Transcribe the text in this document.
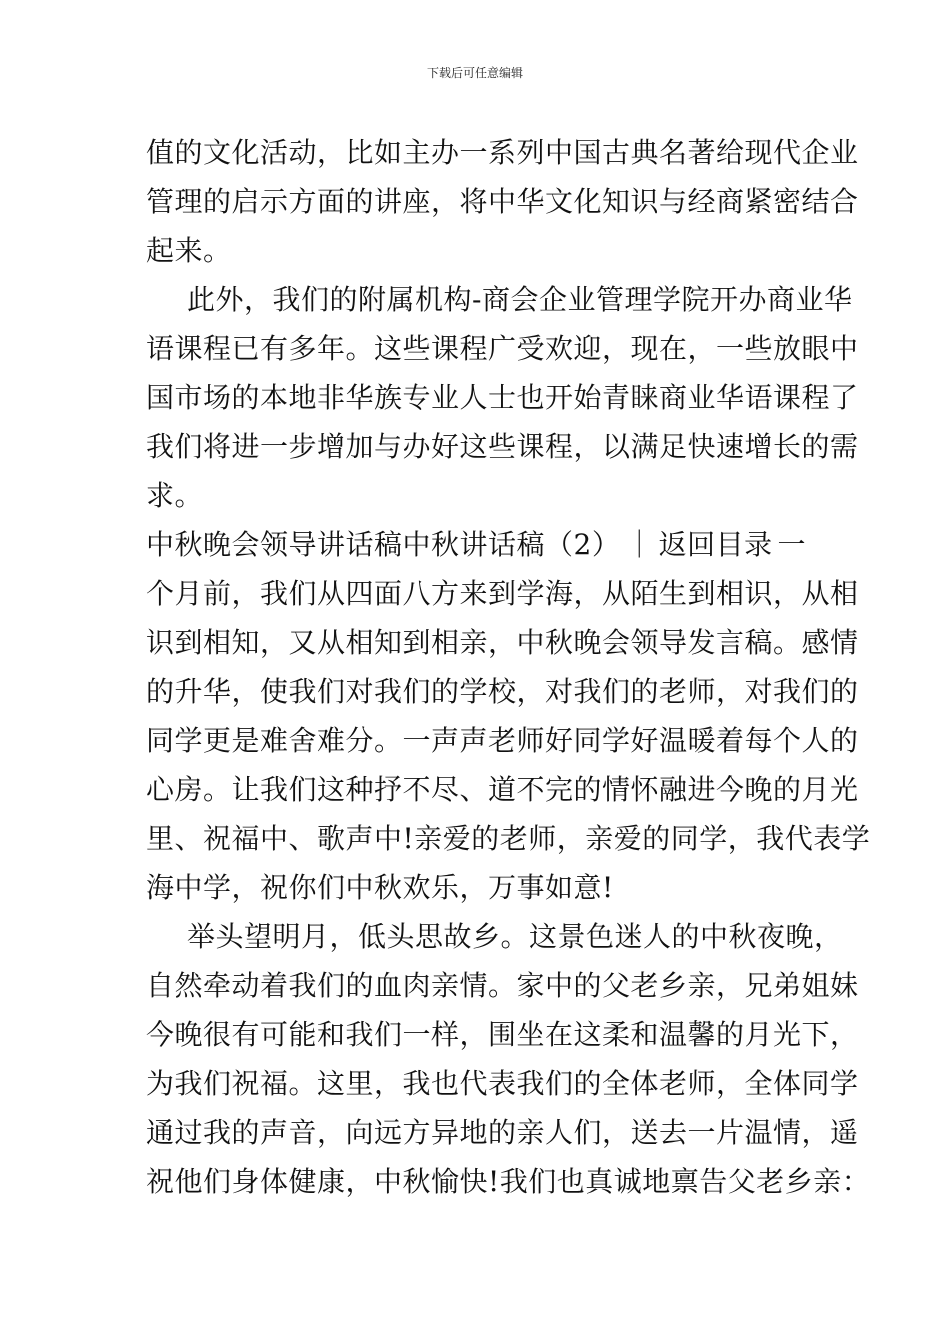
下载后可任意编辑
值的文化活动，比如主办一系列中国古典名著给现代企业
管理的启示方面的讲座，将中华文化知识与经商紧密结合
起来。
此外，我们的附属机构-商会企业管理学院开办商业华
语课程已有多年。这些课程广受欢迎，现在，一些放眼中
国市场的本地非华族专业人士也开始青睐商业华语课程了
我们将进一步增加与办好这些课程，以满足快速增长的需
求。
中秋晚会领导讲话稿中秋讲话稿（2） ｜ 返回目录 一
个月前，我们从四面八方来到学海，从陌生到相识，从相
识到相知，又从相知到相亲，中秋晚会领导发言稿。感情
的升华，使我们对我们的学校，对我们的老师，对我们的
同学更是难舍难分。一声声老师好同学好温暖着每个人的
心房。让我们这种抒不尽、道不完的情怀融进今晚的月光
里、祝福中、歌声中!亲爱的老师，亲爱的同学，我代表学
海中学，祝你们中秋欢乐，万事如意!
举头望明月，低头思故乡。这景色迷人的中秋夜晚，
自然牵动着我们的血肉亲情。家中的父老乡亲，兄弟姐妹
今晚很有可能和我们一样，围坐在这柔和温馨的月光下，
为我们祝福。这里，我也代表我们的全体老师，全体同学
通过我的声音，向远方异地的亲人们，送去一片温情，遥
祝他们身体健康，中秋愉快!我们也真诚地禀告父老乡亲：
